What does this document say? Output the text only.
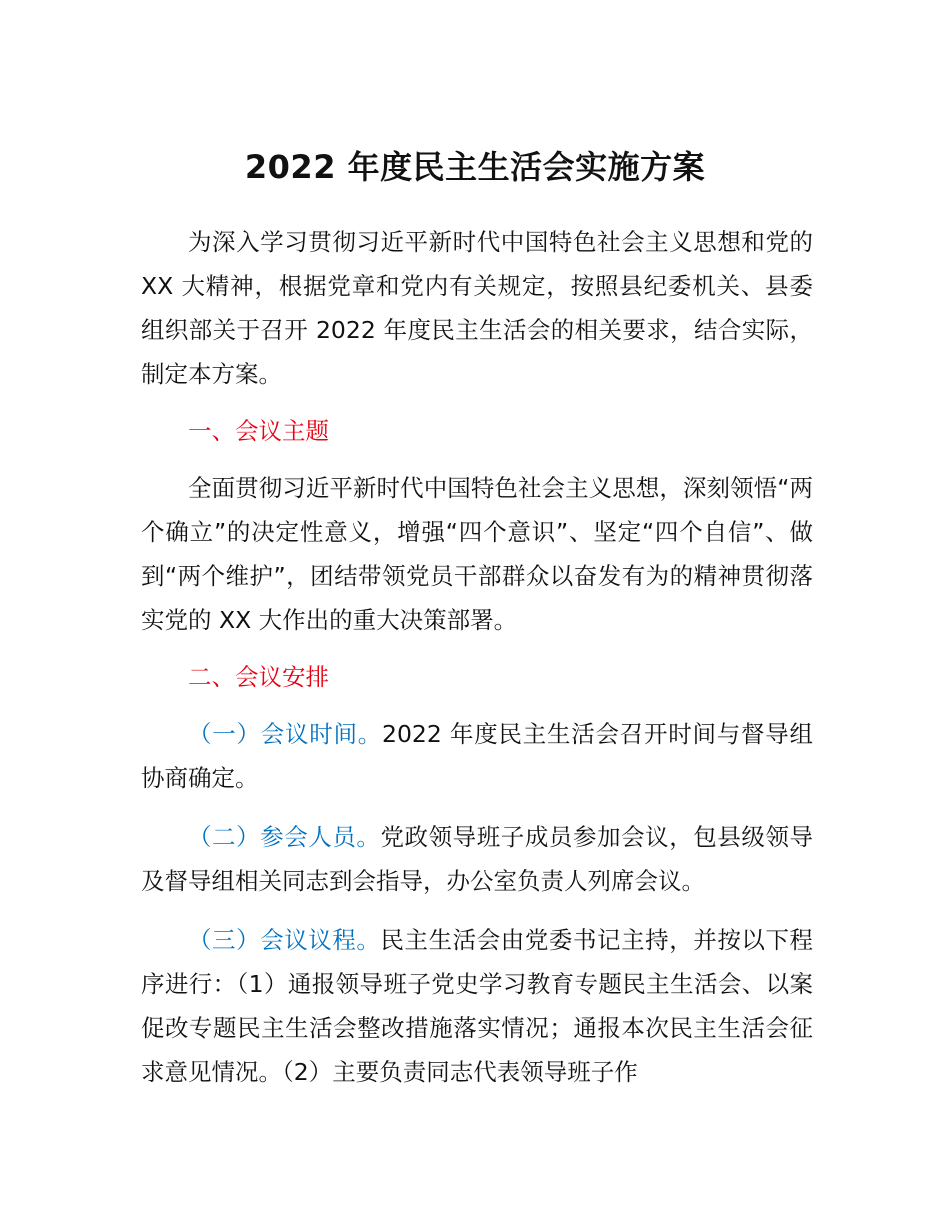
2022 年度民主生活会实施方案

为深入学习贯彻习近平新时代中国特色社会主义思想和党的 XX 大精神，根据党章和党内有关规定，按照县纪委机关、县委组织部关于召开 2022 年度民主生活会的相关要求，结合实际，制定本方案。

一、会议主题

全面贯彻习近平新时代中国特色社会主义思想，深刻领悟“两个确立”的决定性意义，增强“四个意识”、坚定“四个自信”、做到“两个维护”，团结带领党员干部群众以奋发有为的精神贯彻落实党的 XX 大作出的重大决策部署。

二、会议安排

（一）会议时间。2022 年度民主生活会召开时间与督导组协商确定。

（二）参会人员。党政领导班子成员参加会议，包县级领导及督导组相关同志到会指导，办公室负责人列席会议。

（三）会议议程。民主生活会由党委书记主持，并按以下程序进行：（1）通报领导班子党史学习教育专题民主生活会、以案促改专题民主生活会整改措施落实情况；通报本次民主生活会征求意见情况。（2）主要负责同志代表领导班子作
